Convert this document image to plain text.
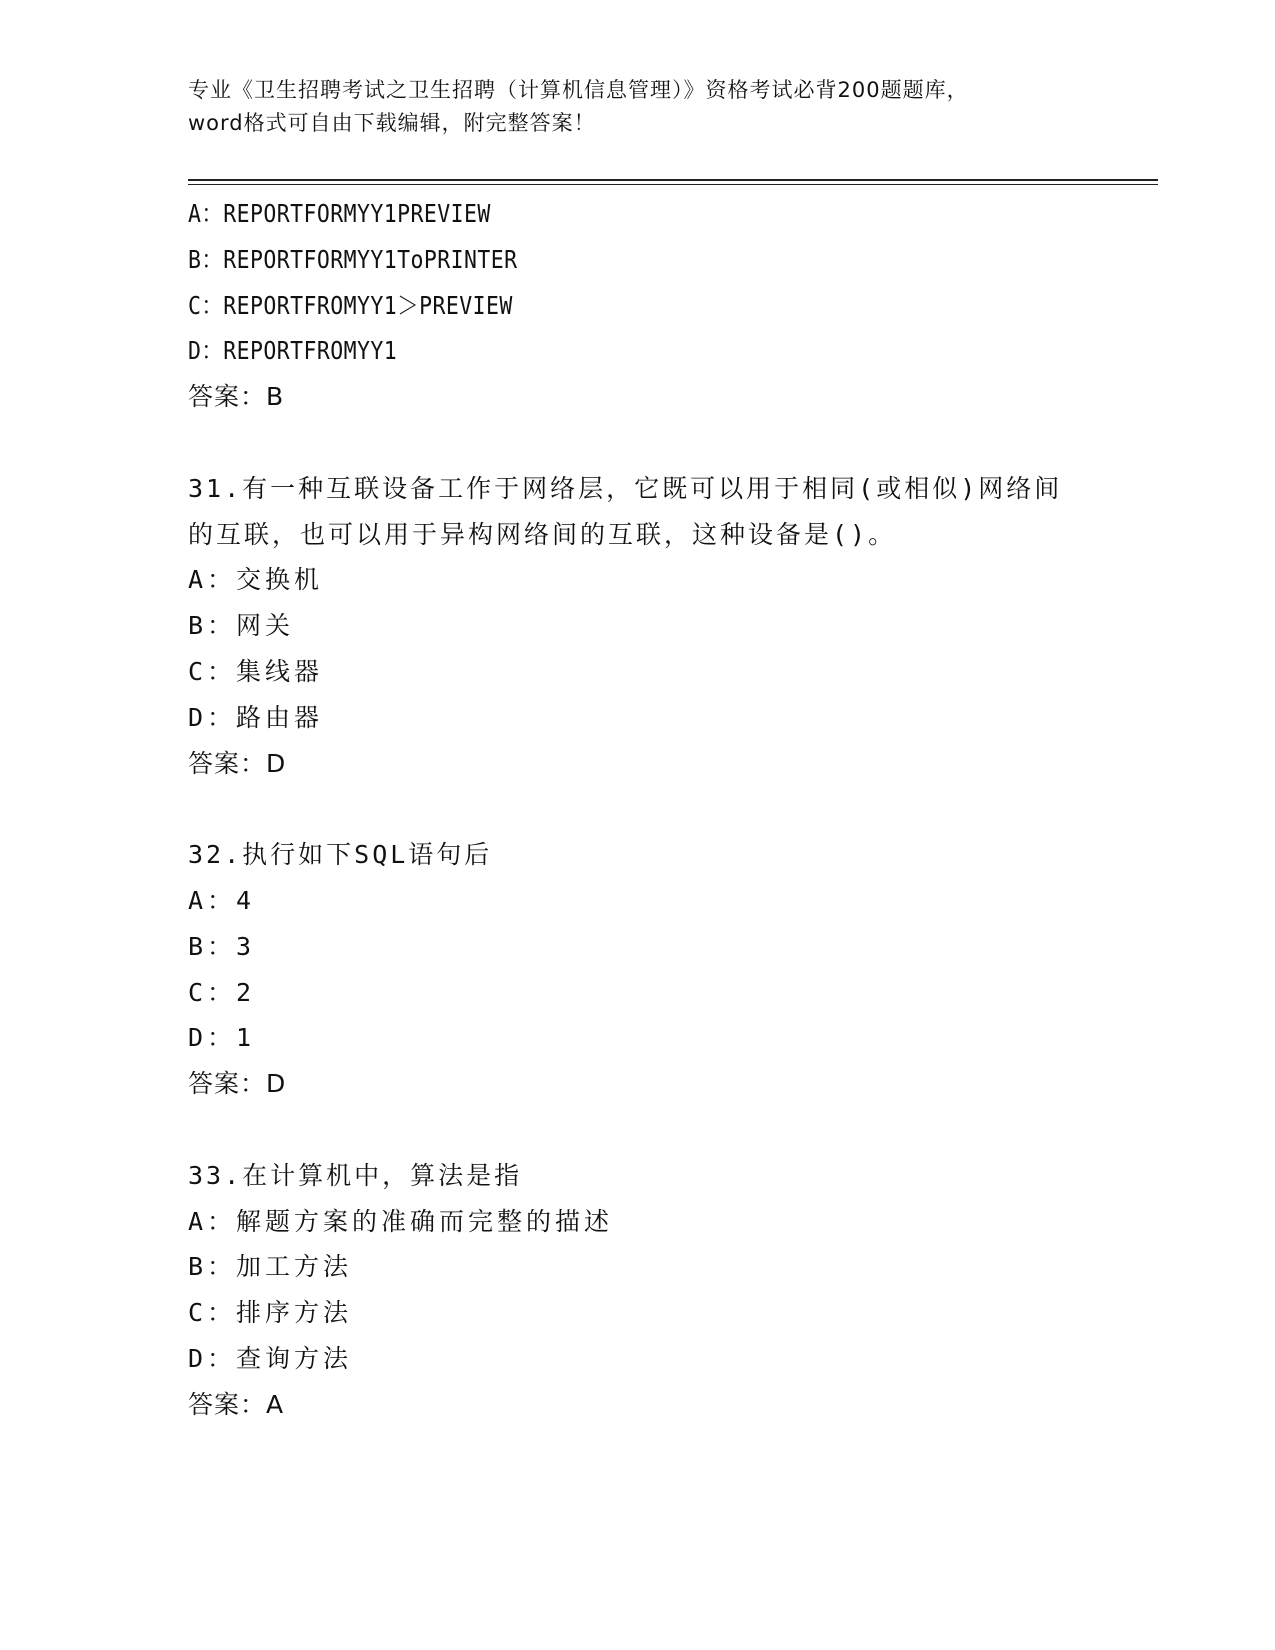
专业《卫生招聘考试之卫生招聘（计算机信息管理）》资格考试必背200题题库，
word格式可自由下载编辑，附完整答案！
A：REPORTFORMYY1PREVIEW
B：REPORTFORMYY1ToPRINTER
C：REPORTFROMYY1＞PREVIEW
D：REPORTFROMYY1
答案：B
31.有一种互联设备工作于网络层，它既可以用于相同(或相似)网络间
的互联，也可以用于异构网络间的互联，这种设备是()。
A：交换机
B：网关
C：集线器
D：路由器
答案：D
32.执行如下SQL语句后
A：4
B：3
C：2
D：1
答案：D
33.在计算机中，算法是指
A：解题方案的准确而完整的描述
B：加工方法
C：排序方法
D：查询方法
答案：A
